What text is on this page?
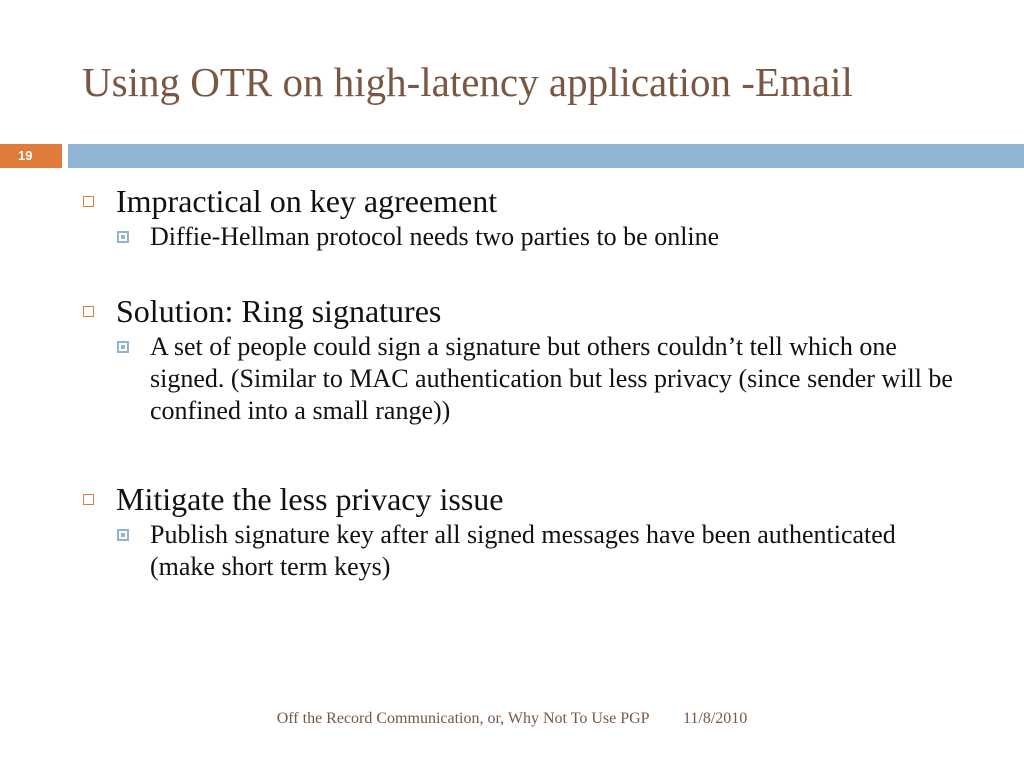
Using OTR on high-latency application -Email
19

Impractical on key agreement

Diffie-Hellman protocol needs two parties to be online

Solution: Ring signatures

A set of people could sign a signature but others couldn’t tell which one signed. (Similar to MAC authentication but less privacy (since sender will be confined into a small range))

Mitigate the less privacy issue

Publish signature key after all signed messages have been authenticated (make short term keys)

Off the Record Communication, or, Why Not To Use PGP 11/8/2010
